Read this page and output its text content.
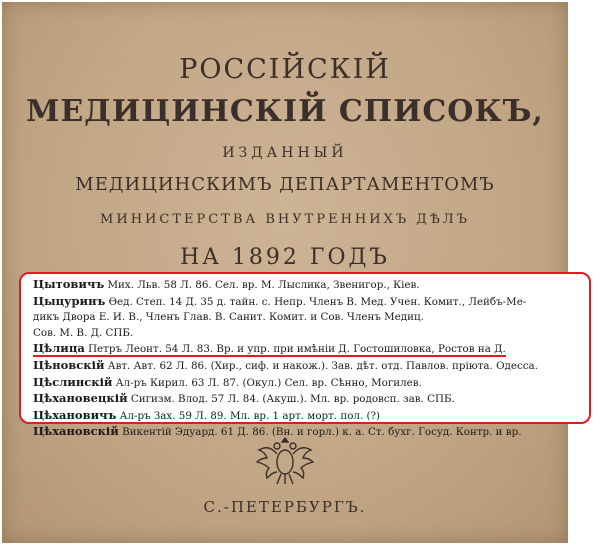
РОССІЙСКІЙ
МЕДИЦИНСКІЙ СПИСОКЪ,
ИЗДАННЫЙ
МЕДИЦИНСКИМЪ ДЕПАРТАМЕНТОМЪ
МИНИСТЕРСТВА ВНУТРЕННИХЪ ДѢЛЪ
НА 1892 ГОДЪ
С.-ПЕТЕРБУРГЪ.
Цытовичъ Мих. Льв. 58 Л. 86. Сел. вр. М. Лыслика, Звенигор., Кіев.
Цыцуринъ Өед. Степ. 14 Д. 35 д. тайн. с. Непр. Членъ В. Мед. Учен. Комит., Лейбъ-Ме-
дикъ Двора Е. И. В., Членъ Глав. В. Санит. Комит. и Сов. Членъ Медиц.
Сов. М. В. Д. СПБ.
Цѣлица Петръ Леонт. 54 Л. 83. Вр. и упр. при имѣніи Д. Гостошиловка, Ростов на Д.
Цѣновскій Авт. Авт. 62 Л. 86. (Хир., сиф. и накож.). Зав. дѣт. отд. Павлов. пріюта. Одесса.
Цѣслинскій Ал-ръ Кирил. 63 Л. 87. (Окул.) Сел. вр. Сѣнно, Могилев.
Цѣхановецкій Сигизм. Влод. 57 Л. 84. (Акуш.). Мл. вр. родовсп. зав. СПБ.
Цѣхановичъ Ал-ръ Зах. 59 Л. 89. Мл. вр. 1 арт. морт. пол. (?)
Цѣхановскій Викентій Эдуард. 61 Д. 86. (Вн. и горл.) к. а. Ст. бухг. Госуд. Контр. и вр.
